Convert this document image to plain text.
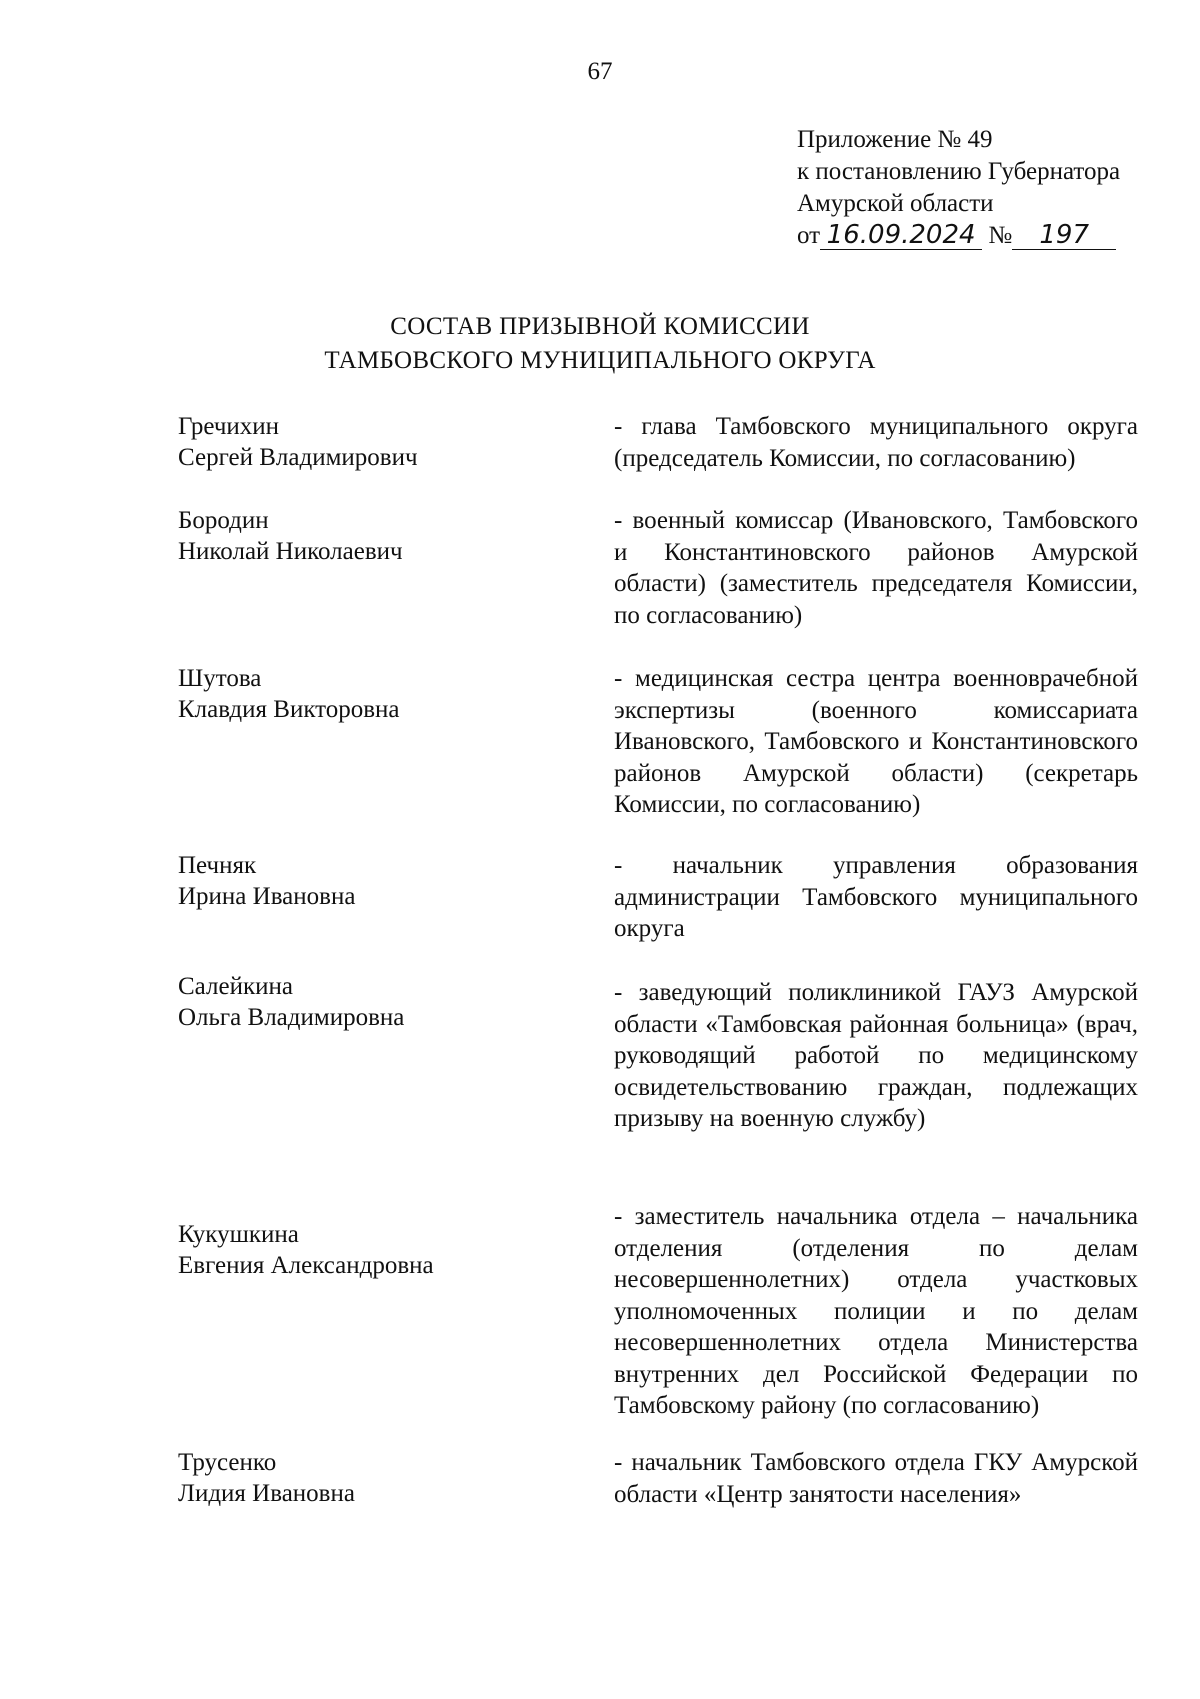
67
Приложение № 49
к постановлению Губернатора
Амурской области
от 16.09.2024 № 197
СОСТАВ ПРИЗЫВНОЙ КОМИССИИ
ТАМБОВСКОГО МУНИЦИПАЛЬНОГО ОКРУГА
Гречихин
Сергей Владимирович
- глава Тамбовского муниципального округа (председатель Комиссии, по согласованию)
Бородин
Николай Николаевич
- военный комиссар (Ивановского, Тамбовского и Константиновского районов Амурской области) (заместитель председателя Комиссии, по согласованию)
Шутова
Клавдия Викторовна
- медицинская сестра центра военноврачебной экспертизы (военного комиссариата Ивановского, Тамбовского и Константиновского районов Амурской области) (секретарь Комиссии, по согласованию)
Печняк
Ирина Ивановна
- начальник управления образования администрации Тамбовского муниципального округа
Салейкина
Ольга Владимировна
- заведующий поликлиникой ГАУЗ Амурской области «Тамбовская районная больница» (врач, руководящий работой по медицинскому освидетельствованию граждан, подлежащих призыву на военную службу)
Кукушкина
Евгения Александровна
- заместитель начальника отдела – начальника отделения (отделения по делам несовершеннолетних) отдела участковых уполномоченных полиции и по делам несовершеннолетних отдела Министерства внутренних дел Российской Федерации по Тамбовскому району (по согласованию)
Трусенко
Лидия Ивановна
- начальник Тамбовского отдела ГКУ Амурской области «Центр занятости населения»
